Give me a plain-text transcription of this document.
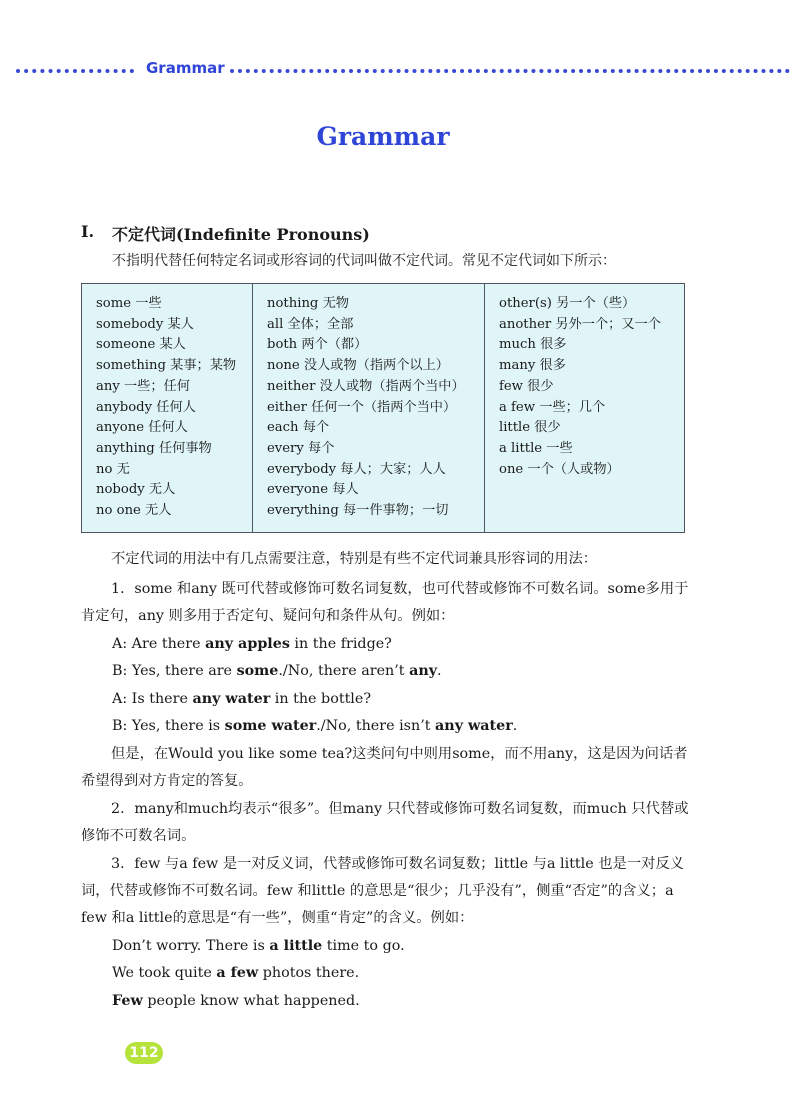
Grammar
Grammar
I. 不定代词(Indefinite Pronouns)
不指明代替任何特定名词或形容词的代词叫做不定代词。常见不定代词如下所示：
some 一些
somebody 某人
someone 某人
something 某事；某物
any 一些；任何
anybody 任何人
anyone 任何人
anything 任何事物
no 无
nobody 无人
no one 无人
nothing 无物
all 全体；全部
both 两个（都）
none 没人或物（指两个以上）
neither 没人或物（指两个当中）
either 任何一个（指两个当中）
each 每个
every 每个
everybody 每人；大家；人人
everyone 每人
everything 每一件事物；一切
other(s) 另一个（些）
another 另外一个；又一个
much 很多
many 很多
few 很少
a few 一些；几个
little 很少
a little 一些
one 一个（人或物）
不定代词的用法中有几点需要注意，特别是有些不定代词兼具形容词的用法：
1．some 和any 既可代替或修饰可数名词复数，也可代替或修饰不可数名词。some多用于肯定句，any 则多用于否定句、疑问句和条件从句。例如：
A: Are there any apples in the fridge?
B: Yes, there are some./No, there aren’t any.
A: Is there any water in the bottle?
B: Yes, there is some water./No, there isn’t any water.
但是，在Would you like some tea?这类问句中则用some，而不用any，这是因为问话者希望得到对方肯定的答复。
2．many和much均表示“很多”。但many 只代替或修饰可数名词复数，而much 只代替或修饰不可数名词。
3．few 与a few 是一对反义词，代替或修饰可数名词复数；little 与a little 也是一对反义词，代替或修饰不可数名词。few 和little 的意思是“很少；几乎没有”，侧重“否定”的含义；a few 和a little的意思是“有一些”，侧重“肯定”的含义。例如：
Don’t worry. There is a little time to go.
We took quite a few photos there.
Few people know what happened.
112
